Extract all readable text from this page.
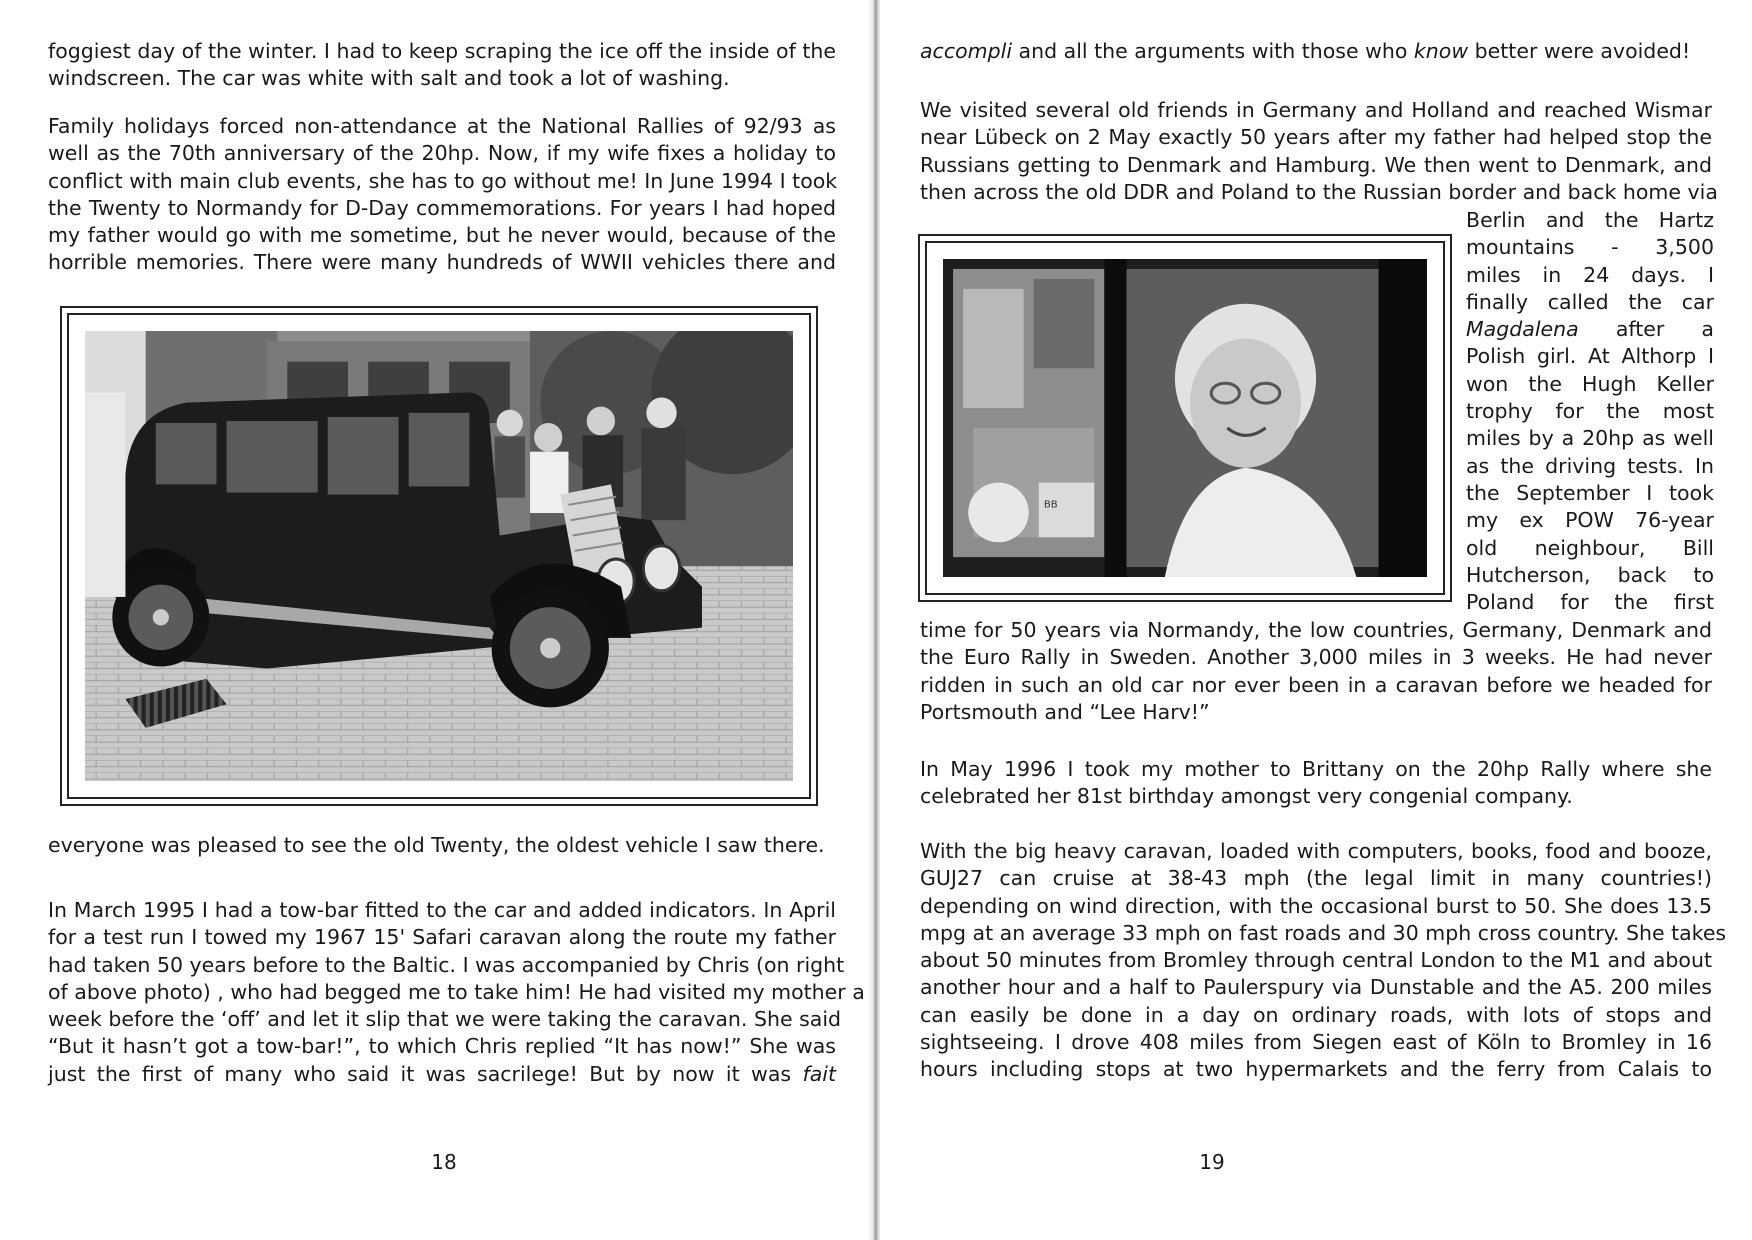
foggiest day of the winter. I had to keep scraping the ice off the inside of the
windscreen. The car was white with salt and took a lot of washing.
Family holidays forced non-attendance at the National Rallies of 92/93 as
well as the 70th anniversary of the 20hp. Now, if my wife fixes a holiday to
conflict with main club events, she has to go without me! In June 1994 I took
the Twenty to Normandy for D-Day commemorations. For years I had hoped
my father would go with me sometime, but he never would, because of the
horrible memories. There were many hundreds of WWII vehicles there and
everyone was pleased to see the old Twenty, the oldest vehicle I saw there.
In March 1995 I had a tow-bar fitted to the car and added indicators. In April
for a test run I towed my 1967 15' Safari caravan along the route my father
had taken 50 years before to the Baltic. I was accompanied by Chris (on right
of above photo) , who had begged me to take him! He had visited my mother a
week before the ‘off’ and let it slip that we were taking the caravan. She said
“But it hasn’t got a tow-bar!”, to which Chris replied “It has now!” She was
just the first of many who said it was sacrilege! But by now it was fait
18
accompli and all the arguments with those who know better were avoided!
We visited several old friends in Germany and Holland and reached Wismar
near Lübeck on 2 May exactly 50 years after my father had helped stop the
Russians getting to Denmark and Hamburg. We then went to Denmark, and
then across the old DDR and Poland to the Russian border and back home via
BB
Berlin and the Hartz
mountains - 3,500
miles in 24 days. I
finally called the car
Magdalena after a
Polish girl. At Althorp I
won the Hugh Keller
trophy for the most
miles by a 20hp as well
as the driving tests. In
the September I took
my ex POW 76-year
old neighbour, Bill
Hutcherson, back to
Poland for the first
time for 50 years via Normandy, the low countries, Germany, Denmark and
the Euro Rally in Sweden. Another 3,000 miles in 3 weeks. He had never
ridden in such an old car nor ever been in a caravan before we headed for
Portsmouth and “Lee Harv!”
In May 1996 I took my mother to Brittany on the 20hp Rally where she
celebrated her 81st birthday amongst very congenial company.
With the big heavy caravan, loaded with computers, books, food and booze,
GUJ27 can cruise at 38-43 mph (the legal limit in many countries!)
depending on wind direction, with the occasional burst to 50. She does 13.5
mpg at an average 33 mph on fast roads and 30 mph cross country. She takes
about 50 minutes from Bromley through central London to the M1 and about
another hour and a half to Paulerspury via Dunstable and the A5. 200 miles
can easily be done in a day on ordinary roads, with lots of stops and
sightseeing. I drove 408 miles from Siegen east of Köln to Bromley in 16
hours including stops at two hypermarkets and the ferry from Calais to
19
